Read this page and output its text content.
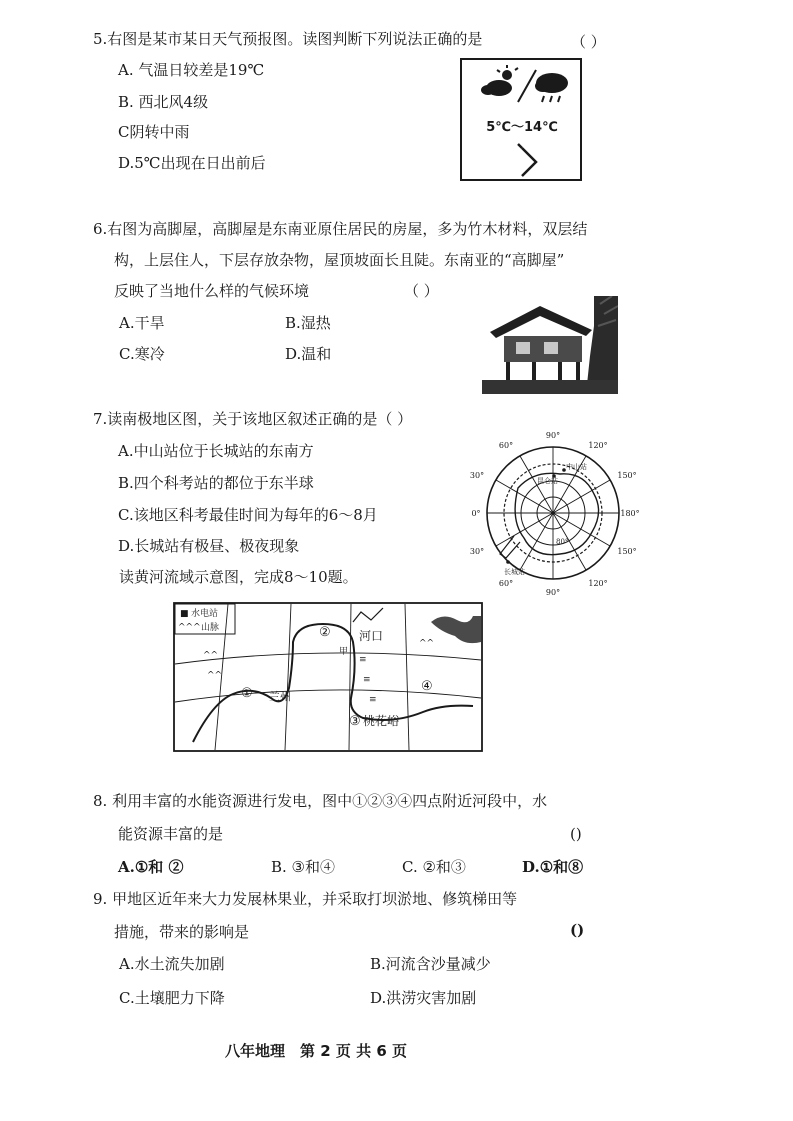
5.右图是某市某日天气预报图。读图判断下列说法正确的是	（ ）
A. 气温日较差是19℃
B. 西北风4级
C阴转中雨
D.5℃出现在日出前后
5℃～14℃
6.右图为高脚屋，高脚屋是东南亚原住居民的房屋，多为竹木材料，双层结
构，上层住人，下层存放杂物，屋顶坡面长且陡。东南亚的“高脚屋”
反映了当地什么样的气候环境	（ ）
A.干旱	B.湿热
C.寒冷	D.温和
7.读南极地区图，关于该地区叙述正确的是（ ）
A.中山站位于长城站的东南方
B.四个科考站的都位于东半球
C.该地区科考最佳时间为每年的6～8月
D.长城站有极昼、极夜现象
90°
60°	120°
30°	150°
0°	180°
30°	150°
60°	120°
90°
中山站
昆仑站
长城站
80°
读黄河流域示意图，完成8～10题。
■ 水电站
^^^ 山脉
≡
≡
≡
^^
^^
^^
河口
兰州
桃花峪
甲
①
②
③
④
8. 利用丰富的水能资源进行发电，图中①②③④四点附近河段中，水
能资源丰富的是	()
A.①和 ②	B. ③和④	C. ②和③	D.①和⑧
9. 甲地区近年来大力发展林果业，并采取打坝淤地、修筑梯田等
措施，带来的影响是	()
A.水土流失加剧	B.河流含沙量减少
C.土壤肥力下降	D.洪涝灾害加剧
八年地理　第 2 页 共 6 页
